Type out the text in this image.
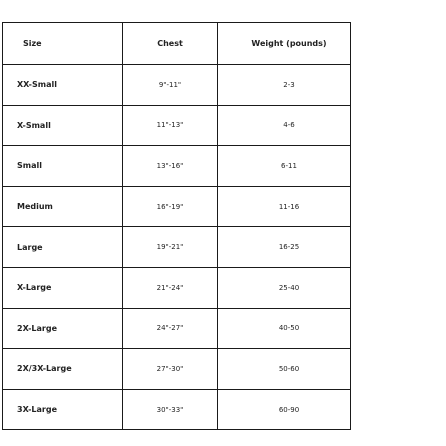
Size	Chest	Weight (pounds)
XX-Small	9"-11"	2-3
X-Small	11"-13"	4-6
Small	13"-16"	6-11
Medium	16"-19"	11-16
Large	19"-21"	16-25
X-Large	21"-24"	25-40
2X-Large	24"-27"	40-50
2X/3X-Large	27"-30"	50-60
3X-Large	30"-33"	60-90
